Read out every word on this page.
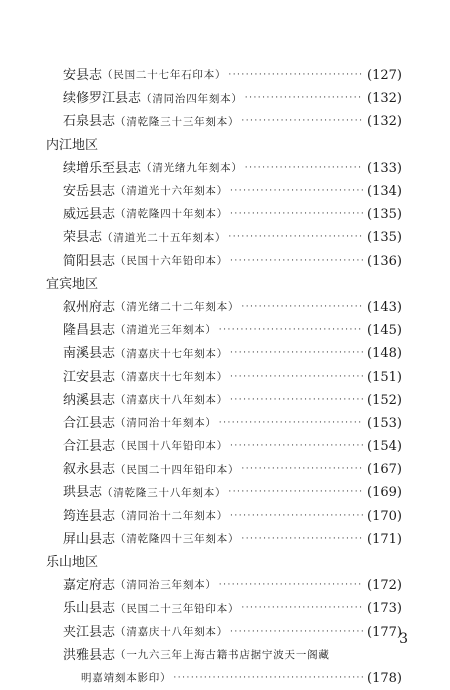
安县志 （民国二十七年石印本） ·····	(127)
续修罗江县志 （清同治四年刻本） ·····	(132)
石泉县志 （清乾隆三十三年刻本） ·····	(132)
内江地区
续增乐至县志 （清光绪九年刻本） ·····	(133)
安岳县志 （清道光十六年刻本） ·····	(134)
威远县志 （清乾隆四十年刻本） ·····	(135)
荣县志 （清道光二十五年刻本） ·····	(135)
简阳县志 （民国十六年铅印本） ·····	(136)
宜宾地区
叙州府志 （清光绪二十二年刻本） ·····	(143)
隆昌县志 （清道光三年刻本） ·····	(145)
南溪县志 （清嘉庆十七年刻本） ·····	(148)
江安县志 （清嘉庆十七年刻本） ·····	(151)
纳溪县志 （清嘉庆十八年刻本） ·····	(152)
合江县志 （清同治十年刻本） ·····	(153)
合江县志 （民国十八年铅印本） ·····	(154)
叙永县志 （民国二十四年铅印本） ·····	(167)
珙县志 （清乾隆三十八年刻本） ·····	(169)
筠连县志 （清同治十二年刻本） ·····	(170)
屏山县志 （清乾隆四十三年刻本） ·····	(171)
乐山地区
嘉定府志 （清同治三年刻本） ·····	(172)
乐山县志 （民国二十三年铅印本） ·····	(173)
夹江县志 （清嘉庆十八年刻本） ·····	(177)
洪雅县志 （一九六三年上海古籍书店据宁波天一阁藏
明嘉靖刻本影印） ·····	(178)
3
